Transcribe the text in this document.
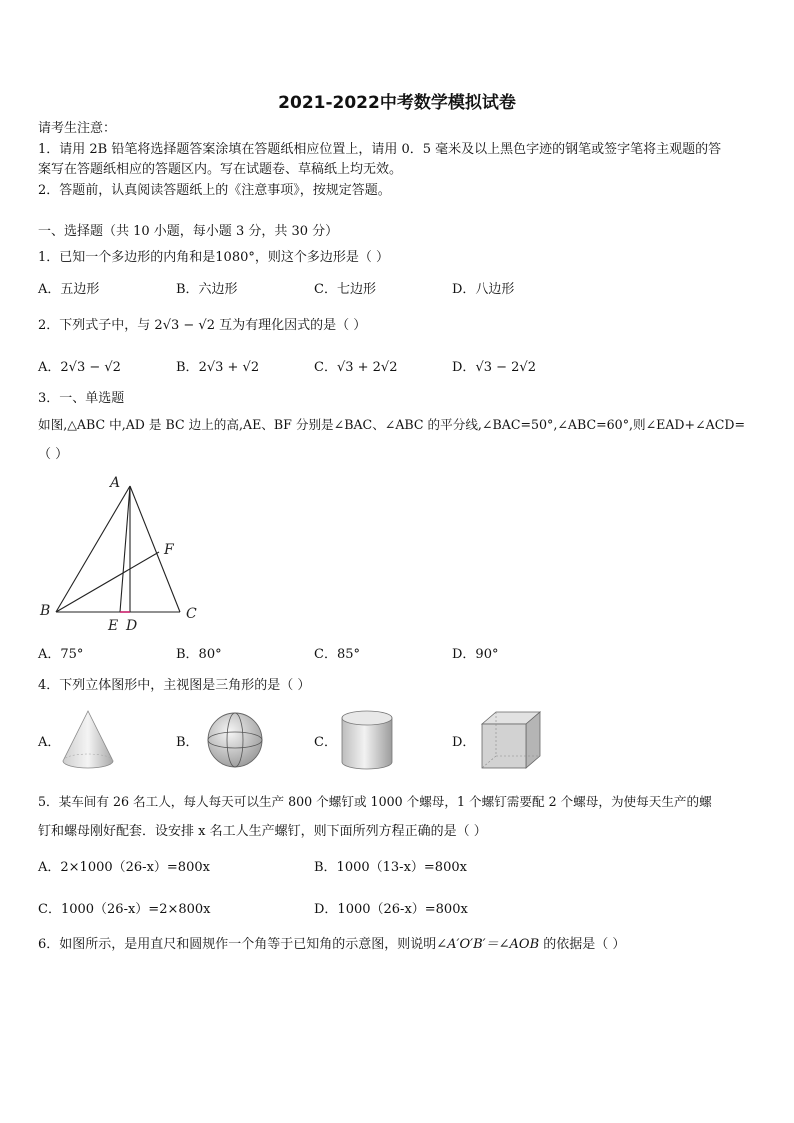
2021-2022中考数学模拟试卷
请考生注意：
1．请用 2B 铅笔将选择题答案涂填在答题纸相应位置上，请用 0．5 毫米及以上黑色字迹的钢笔或签字笔将主观题的答
案写在答题纸相应的答题区内。写在试题卷、草稿纸上均无效。
2．答题前，认真阅读答题纸上的《注意事项》，按规定答题。
一、选择题（共 10 小题，每小题 3 分，共 30 分）
1．已知一个多边形的内角和是1080°，则这个多边形是（ ）
A．五边形	B．六边形	C．七边形	D．八边形
2．下列式子中，与 2√3 − √2 互为有理化因式的是（ ）
A．2√3 − √2	B．2√3 + √2	C．√3 + 2√2	D．√3 − 2√2
3．一、单选题
如图,△ABC 中,AD 是 BC 边上的高,AE、BF 分别是∠BAC、∠ABC 的平分线,∠BAC=50°,∠ABC=60°,则∠EAD+∠ACD=
（ ）
A
B	C
D
E
F
A．75°	B．80°	C．85°	D．90°
4．下列立体图形中，主视图是三角形的是（ ）
A．	B．	C．	D．
5．某车间有 26 名工人，每人每天可以生产 800 个螺钉或 1000 个螺母，1 个螺钉需要配 2 个螺母，为使每天生产的螺
钉和螺母刚好配套．设安排 x 名工人生产螺钉，则下面所列方程正确的是（ ）
A．2×1000（26-x）=800x	B．1000（13-x）=800x
C．1000（26-x）=2×800x	D．1000（26-x）=800x
6．如图所示，是用直尺和圆规作一个角等于已知角的示意图，则说明∠A′O′B′＝∠AOB 的依据是（ ）
